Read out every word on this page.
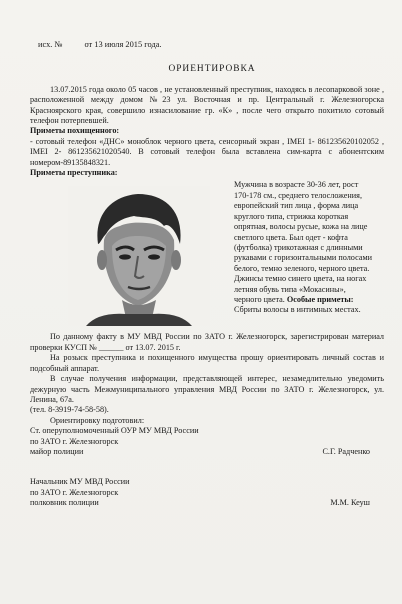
исх. №	от 13 июля 2015 года.
ОРИЕНТИРОВКА

13.07.2015 года около 05 часов , не установленный преступник, находясь в лесопарковой зоне , расположенной между домом №23 ул. Восточная и пр. Центральный г. Железногорска Красноярского края, совершило изнасилование гр. «К» , после чего открыто похитило сотовый телефон потерпевшей.

Приметы похищенного:

- сотовый телефон «ДНС» моноблок черного цвета, сенсорный экран , IMEI 1- 861235620102052 , IMEI 2- 861235621020540. В сотовый телефон была вставлена сим-карта с абонентским номером-89135848321.

Приметы преступника:

Мужчина в возрасте 30-36 лет, рост 170-178 см., среднего телосложения, европейский тип лица , форма лица круглого типа, стрижка короткая опрятная, волосы русые, кожа на лице светлого цвета. Был одет - кофта (футболка) трикотажная с длинными рукавами с горизонтальными полосами белого, темно зеленого, черного цвета. Джинсы темно синего цвета, на ногах летняя обувь типа «Мокасины», черного цвета. Особые приметы: Сбриты волосы в интимных местах.

По данному факту в МУ МВД России по ЗАТО г. Железногорск, зарегистрирован материал проверки КУСП № ______ от 13.07. 2015 г.

На розыск преступника и похищенного имущества прошу ориентировать личный состав и подсобный аппарат.

В случае получения информации, представляющей интерес, незамедлительно уведомить дежурную часть Межмуниципального управления МВД России по ЗАТО г. Железногорск, ул. Ленина, 67а.

(тел. 8-3919-74-58-58).

Ориентировку подготовил:

Ст. оперуполномоченный ОУР МУ МВД России

по ЗАТО г. Железногорск

майор полиции	С.Г. Радченко

Начальник МУ МВД России

по ЗАТО г. Железногорск

полковник полиции	М.М. Кеуш
